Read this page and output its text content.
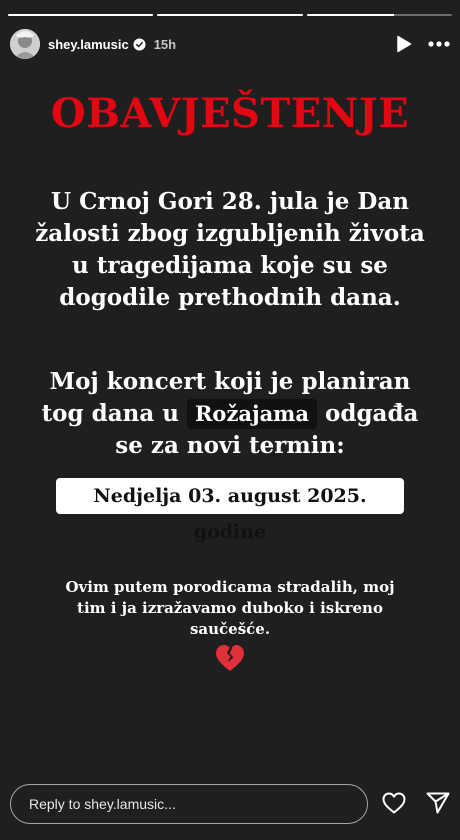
shey.lamusic 15h
OBAVJEŠTENJE

U Crnoj Gori 28. jula je Dan žalosti zbog izgubljenih života u tragedijama koje su se dogodile prethodnih dana.

Moj koncert koji je planiran tog dana u Rožajama odgađa se za novi termin:

Nedjelja 03. august 2025. godine

Ovim putem porodicama stradalih, moj tim i ja izražavamo duboko i iskreno saučešće.

Reply to shey.lamusic...
